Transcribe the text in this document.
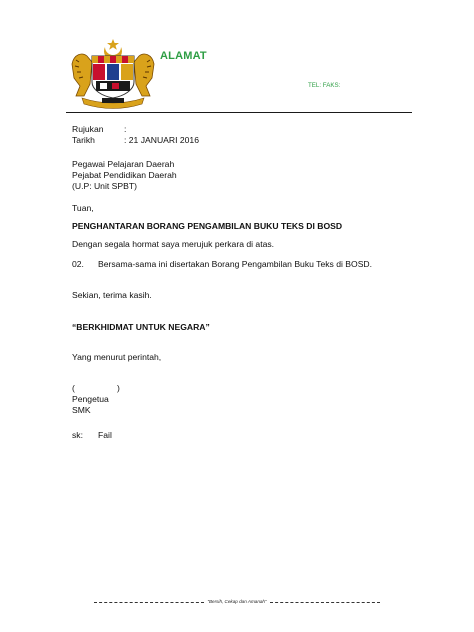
ALAMAT
TEL: FAKS:
Rujukan :
Tarikh	: 21 JANUARI 2016
Pegawai Pelajaran Daerah
Pejabat Pendidikan Daerah
(U.P: Unit SPBT)
Tuan,
PENGHANTARAN BORANG PENGAMBILAN BUKU TEKS DI BOSD
Dengan segala hormat saya merujuk perkara di atas.
02. Bersama-sama ini disertakan Borang Pengambilan Buku Teks di BOSD.
Sekian, terima kasih.
“BERKHIDMAT UNTUK NEGARA”
Yang menurut perintah,
(	)
Pengetua
SMK
sk: Fail
“Bersih, Cekap dan Amanah”
